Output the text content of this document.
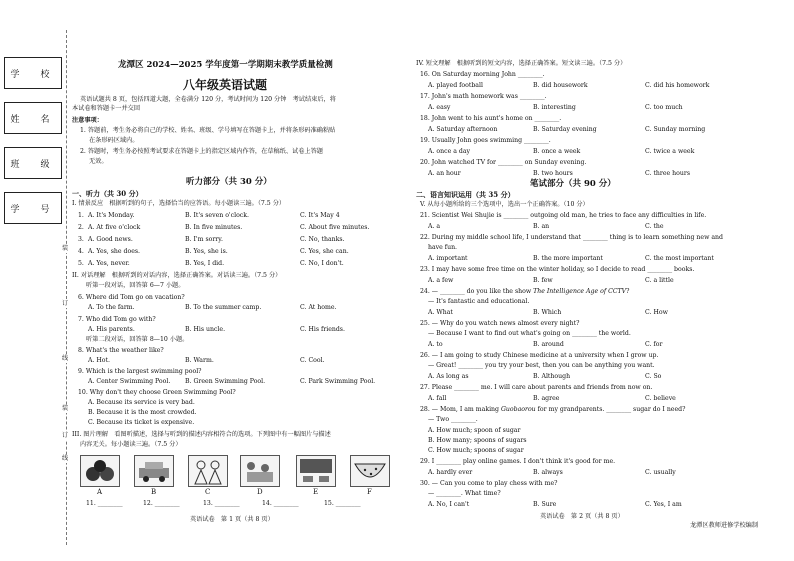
学　校
姓　名
班　级
学　号
装
订
线
装
订
线
龙潭区 2024—2025 学年度第一学期期末教学质量检测
八年级英语试题
英语试题共 8 页，包括四道大题，全卷满分 120 分，考试时间为 120 分钟　考试结束后，将
本试卷和答题卡一并交回
注意事项：
1. 答题前，考生务必将自己的学校、姓名、班级、学号填写在答题卡上，并将条形码准确粘贴
在条形码区域内。
2. 答题时，考生务必按照考试要求在答题卡上的指定区域内作答，在草稿纸、试卷上答题
无效。
听力部分（共 30 分）
一、听力（共 30 分）
I. 情景反应　根据听到的句子，选择恰当的应答语。每小题读三遍。（7.5 分）
1. A. It's Monday.	B. It's seven o'clock.	C. It's May 4
2. A. At five o'clock	B. In five minutes.	C. About five minutes.
3. A. Good news.	B. I'm sorry.	C. No, thanks.
4. A. Yes, she does.	B. Yes, she is.	C. Yes, she can.
5. A. Yes, never.	B. Yes, I did.	C. No, I don't.
II. 对话理解　根据听到的对话内容，选择正确答案。对话读三遍。（7.5 分）
听第一段对话，回答第 6—7 小题。
6. Where did Tom go on vacation?
A. To the farm.	B. To the summer camp.	C. At home.
7. Who did Tom go with?
A. His parents.	B. His uncle.	C. His friends.
听第二段对话，回答第 8—10 小题。
8. What's the weather like?
A. Hot.	B. Warm.	C. Cool.
9. Which is the largest swimming pool?
A. Center Swimming Pool. B. Green Swimming Pool.	C. Park Swimming Pool.
10. Why don't they choose Green Swimming Pool?
A. Because its service is very bad.
B. Because it is the most crowded.
C. Because its ticket is expensive.
III. 图片理解　看图听描述，选择与听到的描述内容相符合的选项。下列图中有一幅图片与描述
内容无关。每小题读三遍。（7.5 分）
A	B	C	D	E	F
11. ________	12. ________	13. ________	14. ________	15. ________
英语试卷　第 1 页（共 8 页）
IV. 短文理解　根据听到的短文内容，选择正确答案。短文读三遍。（7.5 分）
16. On Saturday morning John ________.
A. played football	B. did housework	C. did his homework
17. John's math homework was ________.
A. easy	B. interesting	C. too much
18. John went to his aunt's home on ________.
A. Saturday afternoon	B. Saturday evening	C. Sunday morning
19. Usually John goes swimming ________.
A. once a day	B. once a week	C. twice a week
20. John watched TV for ________ on Sunday evening.
A. an hour	B. two hours	C. three hours
笔试部分（共 90 分）
二、语言知识运用（共 35 分）
V. 从每小题所给的三个选项中，选出一个正确答案。（10 分）
21. Scientist Wei Shujie is ________ outgoing old man, he tries to face any difficulties in life.
A. a	B. an	C. the
22. During my middle school life, I understand that ________ thing is to learn something new and
have fun.
A. important	B. the more important	C. the most important
23. I may have some free time on the winter holiday, so I decide to read ________ books.
A. a few	B. few	C. a little
24. — ________ do you like the show The Intelligence Age of CCTV?
— It's fantastic and educational.
A. What	B. Which	C. How
25. — Why do you watch news almost every night?
— Because I want to find out what's going on ________ the world.
A. to	B. around	C. for
26. — I am going to study Chinese medicine at a university when I grow up.
— Great! ________ you try your best, then you can be anything you want.
A. As long as	B. Although	C. So
27. Please ________ me. I will care about parents and friends from now on.
A. fall	B. agree	C. believe
28. — Mom, I am making Guobaorou for my grandparents. ________ sugar do I need?
— Two ________.
A. How much; spoon of sugar
B. How many; spoons of sugars
C. How much; spoons of sugar
29. I ________ play online games. I don't think it's good for me.
A. hardly ever	B. always	C. usually
30. — Can you come to play chess with me?
— ________. What time?
A. No, I can't	B. Sure	C. Yes, I am
英语试卷　第 2 页（共 8 页）
龙潭区教师进修学校编制
